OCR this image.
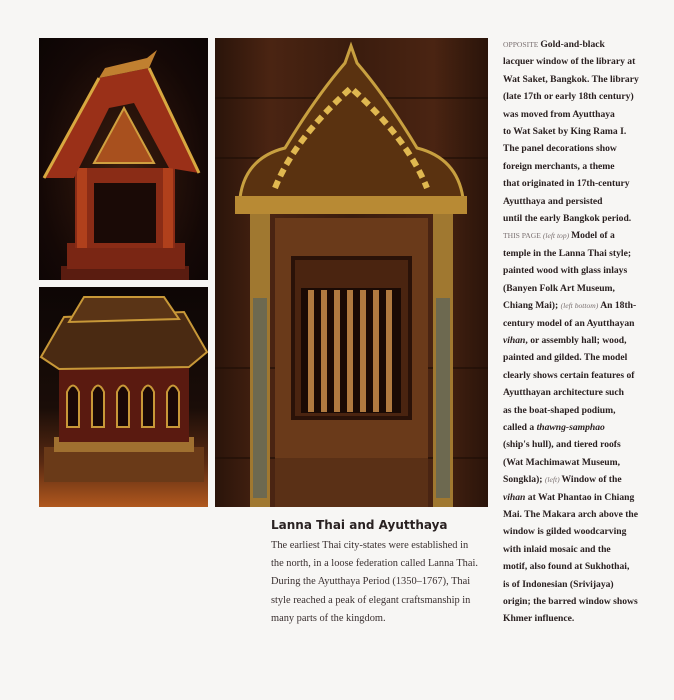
OPPOSITE Gold-and-black
lacquer window of the library at
Wat Saket, Bangkok. The library
(late 17th or early 18th century)
was moved from Ayutthaya
to Wat Saket by King Rama I.
The panel decorations show
foreign merchants, a theme
that originated in 17th-century
Ayutthaya and persisted
until the early Bangkok period.
THIS PAGE (left top) Model of a
temple in the Lanna Thai style;
painted wood with glass inlays
(Banyen Folk Art Museum,
Chiang Mai); (left bottom) An 18th-
century model of an Ayutthayan
vihan, or assembly hall; wood,
painted and gilded. The model
clearly shows certain features of
Ayutthayan architecture such
as the boat-shaped podium,
called a thawng-samphao
(ship's hull), and tiered roofs
(Wat Machimawat Museum,
Songkla); (left) Window of the
vihan at Wat Phantao in Chiang
Mai. The Makara arch above the
window is gilded woodcarving
with inlaid mosaic and the
motif, also found at Sukhothai,
is of Indonesian (Srivijaya)
origin; the barred window shows
Khmer influence.
Lanna Thai and Ayutthaya
The earliest Thai city-states were established in
the north, in a loose federation called Lanna Thai.
During the Ayutthaya Period (1350–1767), Thai
style reached a peak of elegant craftsmanship in
many parts of the kingdom.
